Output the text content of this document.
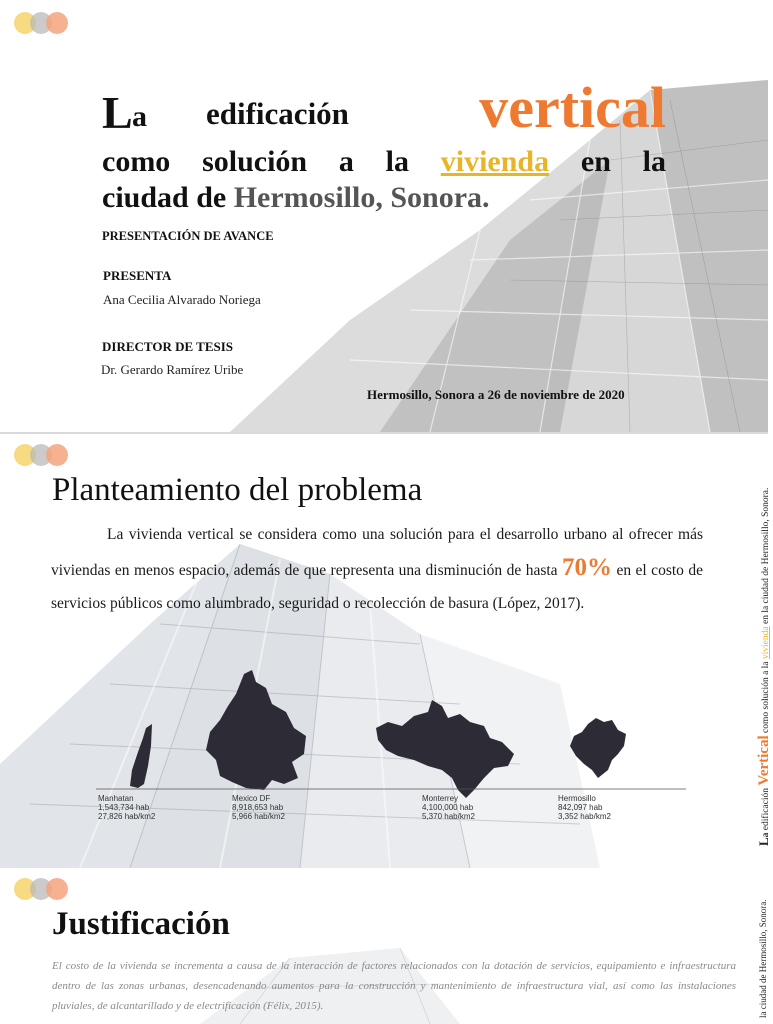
L a edificación vertical
como solución a la vivienda en la
ciudad de Hermosillo, Sonora.
PRESENTACIÓN DE AVANCE
PRESENTA
Ana Cecilia Alvarado Noriega
DIRECTOR DE TESIS
Dr. Gerardo Ramírez Uribe
Hermosillo, Sonora a 26 de noviembre de 2020
Planteamiento del problema
La vivienda vertical se considera como una solución para el desarrollo urbano al ofrecer más viviendas en menos espacio, además de que representa una disminución de hasta 70% en el costo de servicios públicos como alumbrado, seguridad o recolección de basura (López, 2017).
Manhatan
1,543,734 hab
27,826 hab/km2
Mexico DF
8,918,653 hab
5,966 hab/km2
Monterrey
4,100,000 hab
5,370 hab/km2
Hermosillo
842,097 hab
3,352 hab/km2
La edificación Vertical como solución a la vivienda en la ciudad de Hermosillo, Sonora.
Justificación
El costo de la vivienda se incrementa a causa de la interacción de factores relacionados con la dotación de servicios, equipamiento e infraestructura dentro de las zonas urbanas, desencadenando aumentos para la construcción y mantenimiento de infraestructura vial, así como las instalaciones pluviales, de alcantarillado y de electrificación (Félix, 2015).	la ciudad de Hermosillo, Sonora.
